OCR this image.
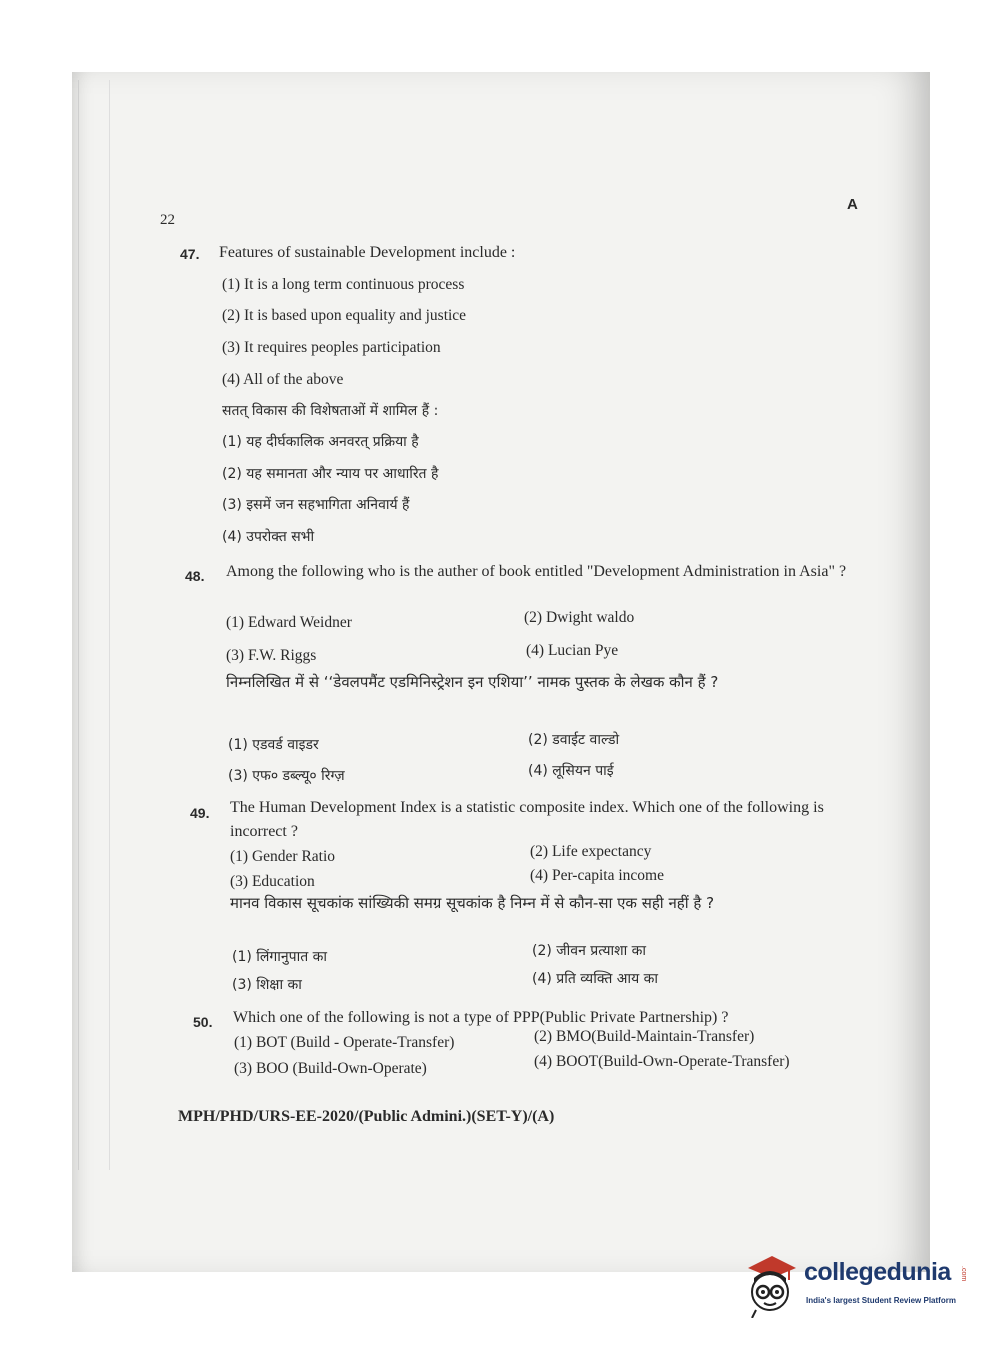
22
A
47. Features of sustainable Development include :
(1) It is a long term continuous process
(2) It is based upon equality and justice
(3) It requires peoples participation
(4) All of the above
सतत् विकास की विशेषताओं में शामिल हैं :
(1) यह दीर्घकालिक अनवरत् प्रक्रिया है
(2) यह समानता और न्याय पर आधारित है
(3) इसमें जन सहभागिता अनिवार्य हैं
(4) उपरोक्त सभी
48. Among the following who is the auther of book entitled "Development Administration in Asia" ?
(1) Edward Weidner	(2) Dwight waldo
(3) F.W. Riggs	(4) Lucian Pye
निम्नलिखित में से ‘‘डेवलपमैंट एडमिनिस्ट्रेशन इन एशिया’’ नामक पुस्तक के लेखक कौन हैं ?
(1) एडवर्ड वाइडर	(2) डवाईट वाल्डो
(3) एफ० डब्ल्यू० रिग्ज़	(4) लूसियन पाई
49. The Human Development Index is a statistic composite index. Which one of the following is incorrect ?
(1) Gender Ratio	(2) Life expectancy
(3) Education	(4) Per-capita income
मानव विकास सूचकांक सांख्यिकी समग्र सूचकांक है निम्न में से कौन-सा एक सही नहीं है ?
(1) लिंगानुपात का	(2) जीवन प्रत्याशा का
(3) शिक्षा का	(4) प्रति व्यक्ति आय का
50. Which one of the following is not a type of PPP(Public Private Partnership) ?
(1) BOT (Build - Operate-Transfer)	(2) BMO(Build-Maintain-Transfer)
(3) BOO (Build-Own-Operate)	(4) BOOT(Build-Own-Operate-Transfer)
MPH/PHD/URS-EE-2020/(Public Admini.)(SET-Y)/(A)
collegedunia .com
India's largest Student Review Platform
